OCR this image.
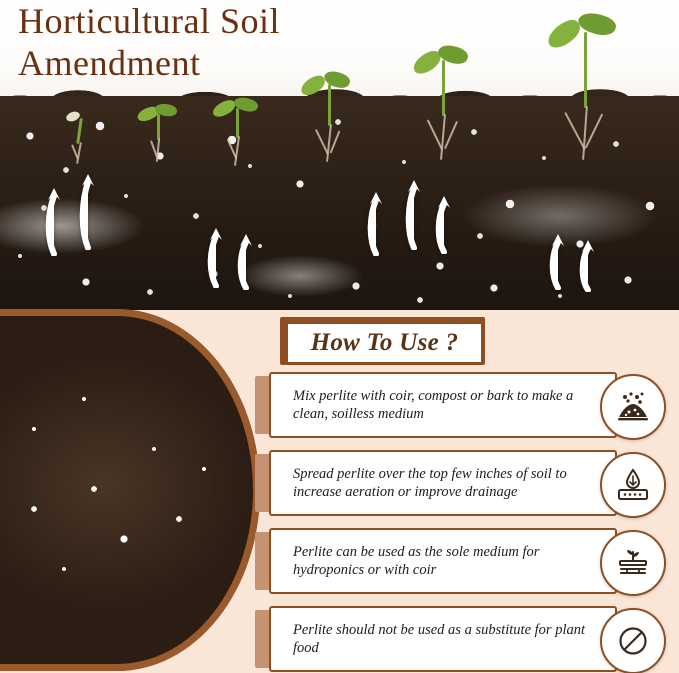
Horticultural Soil
Amendment
How To Use ?
Mix perlite with coir, compost or bark to make a clean, soilless medium
Spread perlite over the top few inches of soil to increase aeration or improve drainage
Perlite can be used as the sole medium for hydroponics or with coir
Perlite should not be used as a substitute for plant food
